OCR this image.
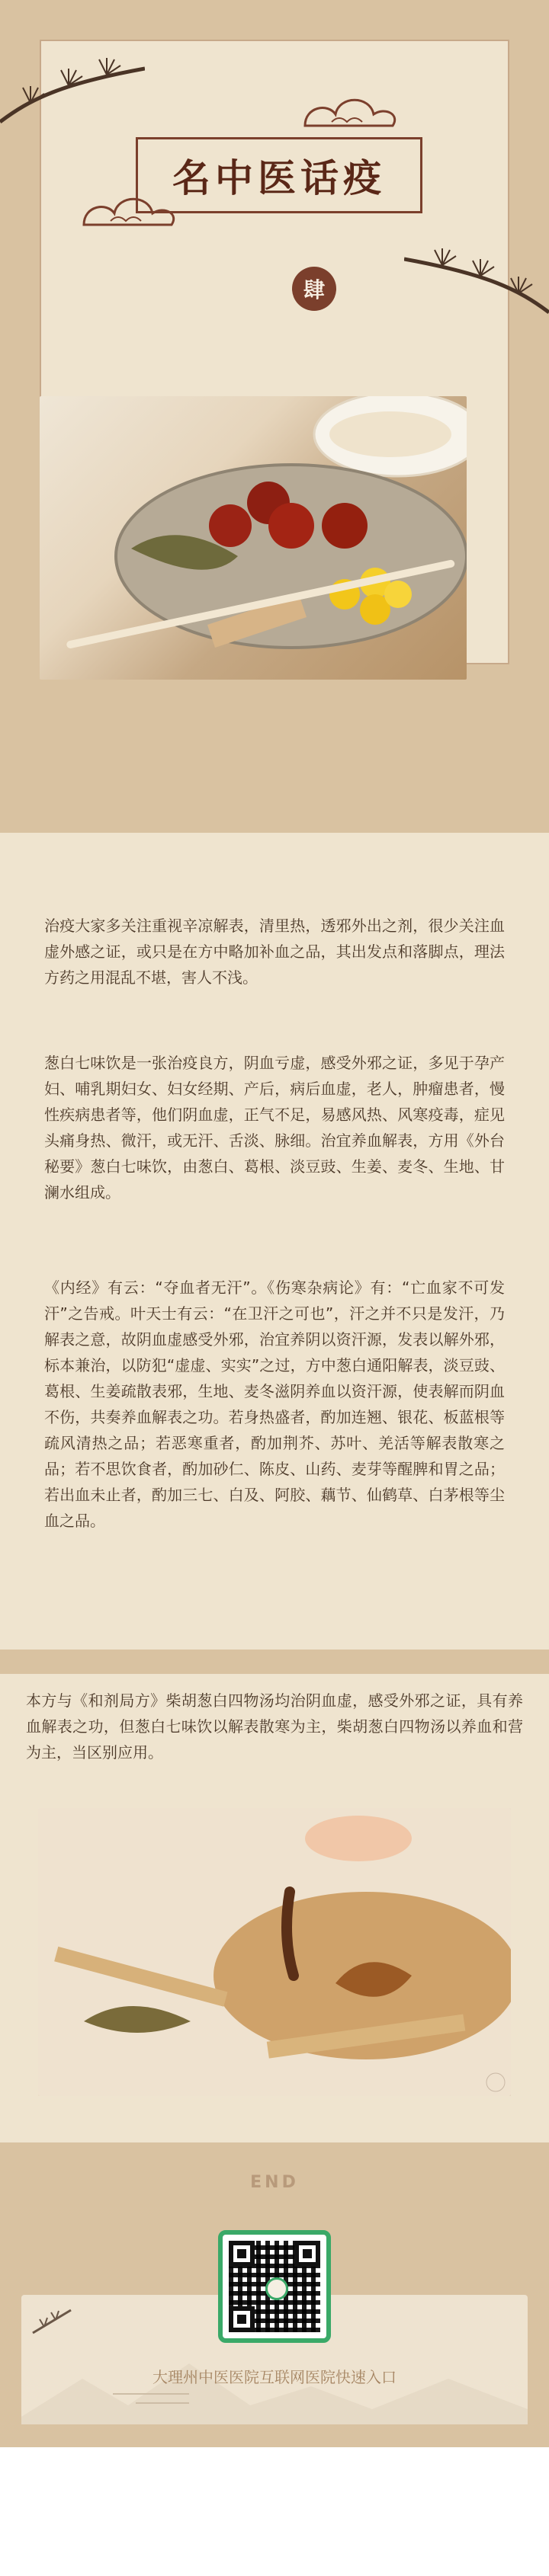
名中医话疫
肆

治疫大家多关注重视辛凉解表，清里热，透邪外出之剂，很少关注血虚外感之证，或只是在方中略加补血之品，其出发点和落脚点，理法方药之用混乱不堪，害人不浅。

葱白七味饮是一张治疫良方，阴血亏虚，感受外邪之证，多见于孕产妇、哺乳期妇女、妇女经期、产后，病后血虚，老人，肿瘤患者，慢性疾病患者等，他们阴血虚，正气不足，易感风热、风寒疫毒，症见头痛身热、微汗，或无汗、舌淡、脉细。治宜养血解表，方用《外台秘要》葱白七味饮，由葱白、葛根、淡豆豉、生姜、麦冬、生地、甘澜水组成。

《内经》有云：“夺血者无汗”。《伤寒杂病论》有：“亡血家不可发汗”之告戒。叶天士有云：“在卫汗之可也”，汗之并不只是发汗，乃解表之意，故阴血虚感受外邪，治宜养阴以资汗源，发表以解外邪，标本兼治，以防犯“虚虚、实实”之过，方中葱白通阳解表，淡豆豉、葛根、生姜疏散表邪，生地、麦冬滋阴养血以资汗源，使表解而阴血不伤，共奏养血解表之功。若身热盛者，酌加连翘、银花、板蓝根等疏风清热之品；若恶寒重者，酌加荆芥、苏叶、羌活等解表散寒之品；若不思饮食者，酌加砂仁、陈皮、山药、麦芽等醒脾和胃之品；若出血未止者，酌加三七、白及、阿胶、藕节、仙鹤草、白茅根等尘血之品。

本方与《和剂局方》柴胡葱白四物汤均治阴血虚，感受外邪之证，具有养血解表之功，但葱白七味饮以解表散寒为主，柴胡葱白四物汤以养血和营为主，当区别应用。

END
大理州中医医院互联网医院快速入口
